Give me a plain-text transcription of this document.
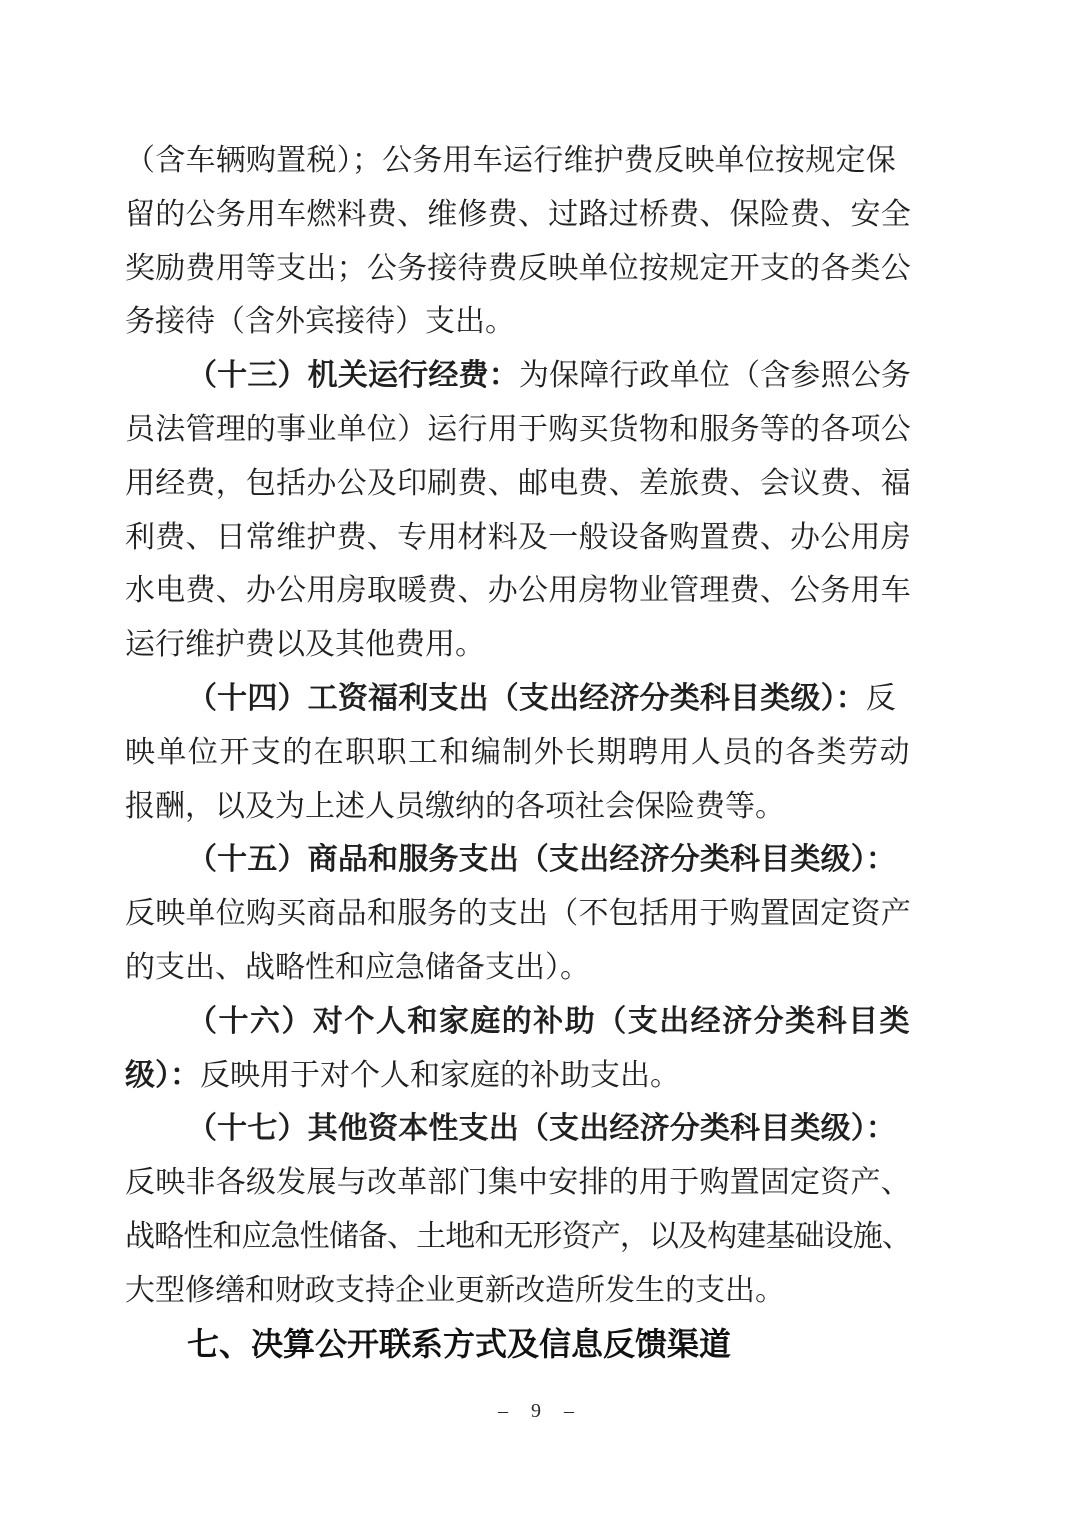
（含车辆购置税）；公务用车运行维护费反映单位按规定保
留的公务用车燃料费、维修费、过路过桥费、保险费、安全
奖励费用等支出；公务接待费反映单位按规定开支的各类公
务接待（含外宾接待）支出。
（十三）机关运行经费：为保障行政单位（含参照公务
员法管理的事业单位）运行用于购买货物和服务等的各项公
用经费，包括办公及印刷费、邮电费、差旅费、会议费、福
利费、日常维护费、专用材料及一般设备购置费、办公用房
水电费、办公用房取暖费、办公用房物业管理费、公务用车
运行维护费以及其他费用。
（十四）工资福利支出（支出经济分类科目类级）：反
映单位开支的在职职工和编制外长期聘用人员的各类劳动
报酬，以及为上述人员缴纳的各项社会保险费等。
（十五）商品和服务支出（支出经济分类科目类级）：
反映单位购买商品和服务的支出（不包括用于购置固定资产
的支出、战略性和应急储备支出）。
（十六）对个人和家庭的补助（支出经济分类科目类
级）：反映用于对个人和家庭的补助支出。
（十七）其他资本性支出（支出经济分类科目类级）：
反映非各级发展与改革部门集中安排的用于购置固定资产、
战略性和应急性储备、土地和无形资产，以及构建基础设施、
大型修缮和财政支持企业更新改造所发生的支出。
七、决算公开联系方式及信息反馈渠道
– 9 –
